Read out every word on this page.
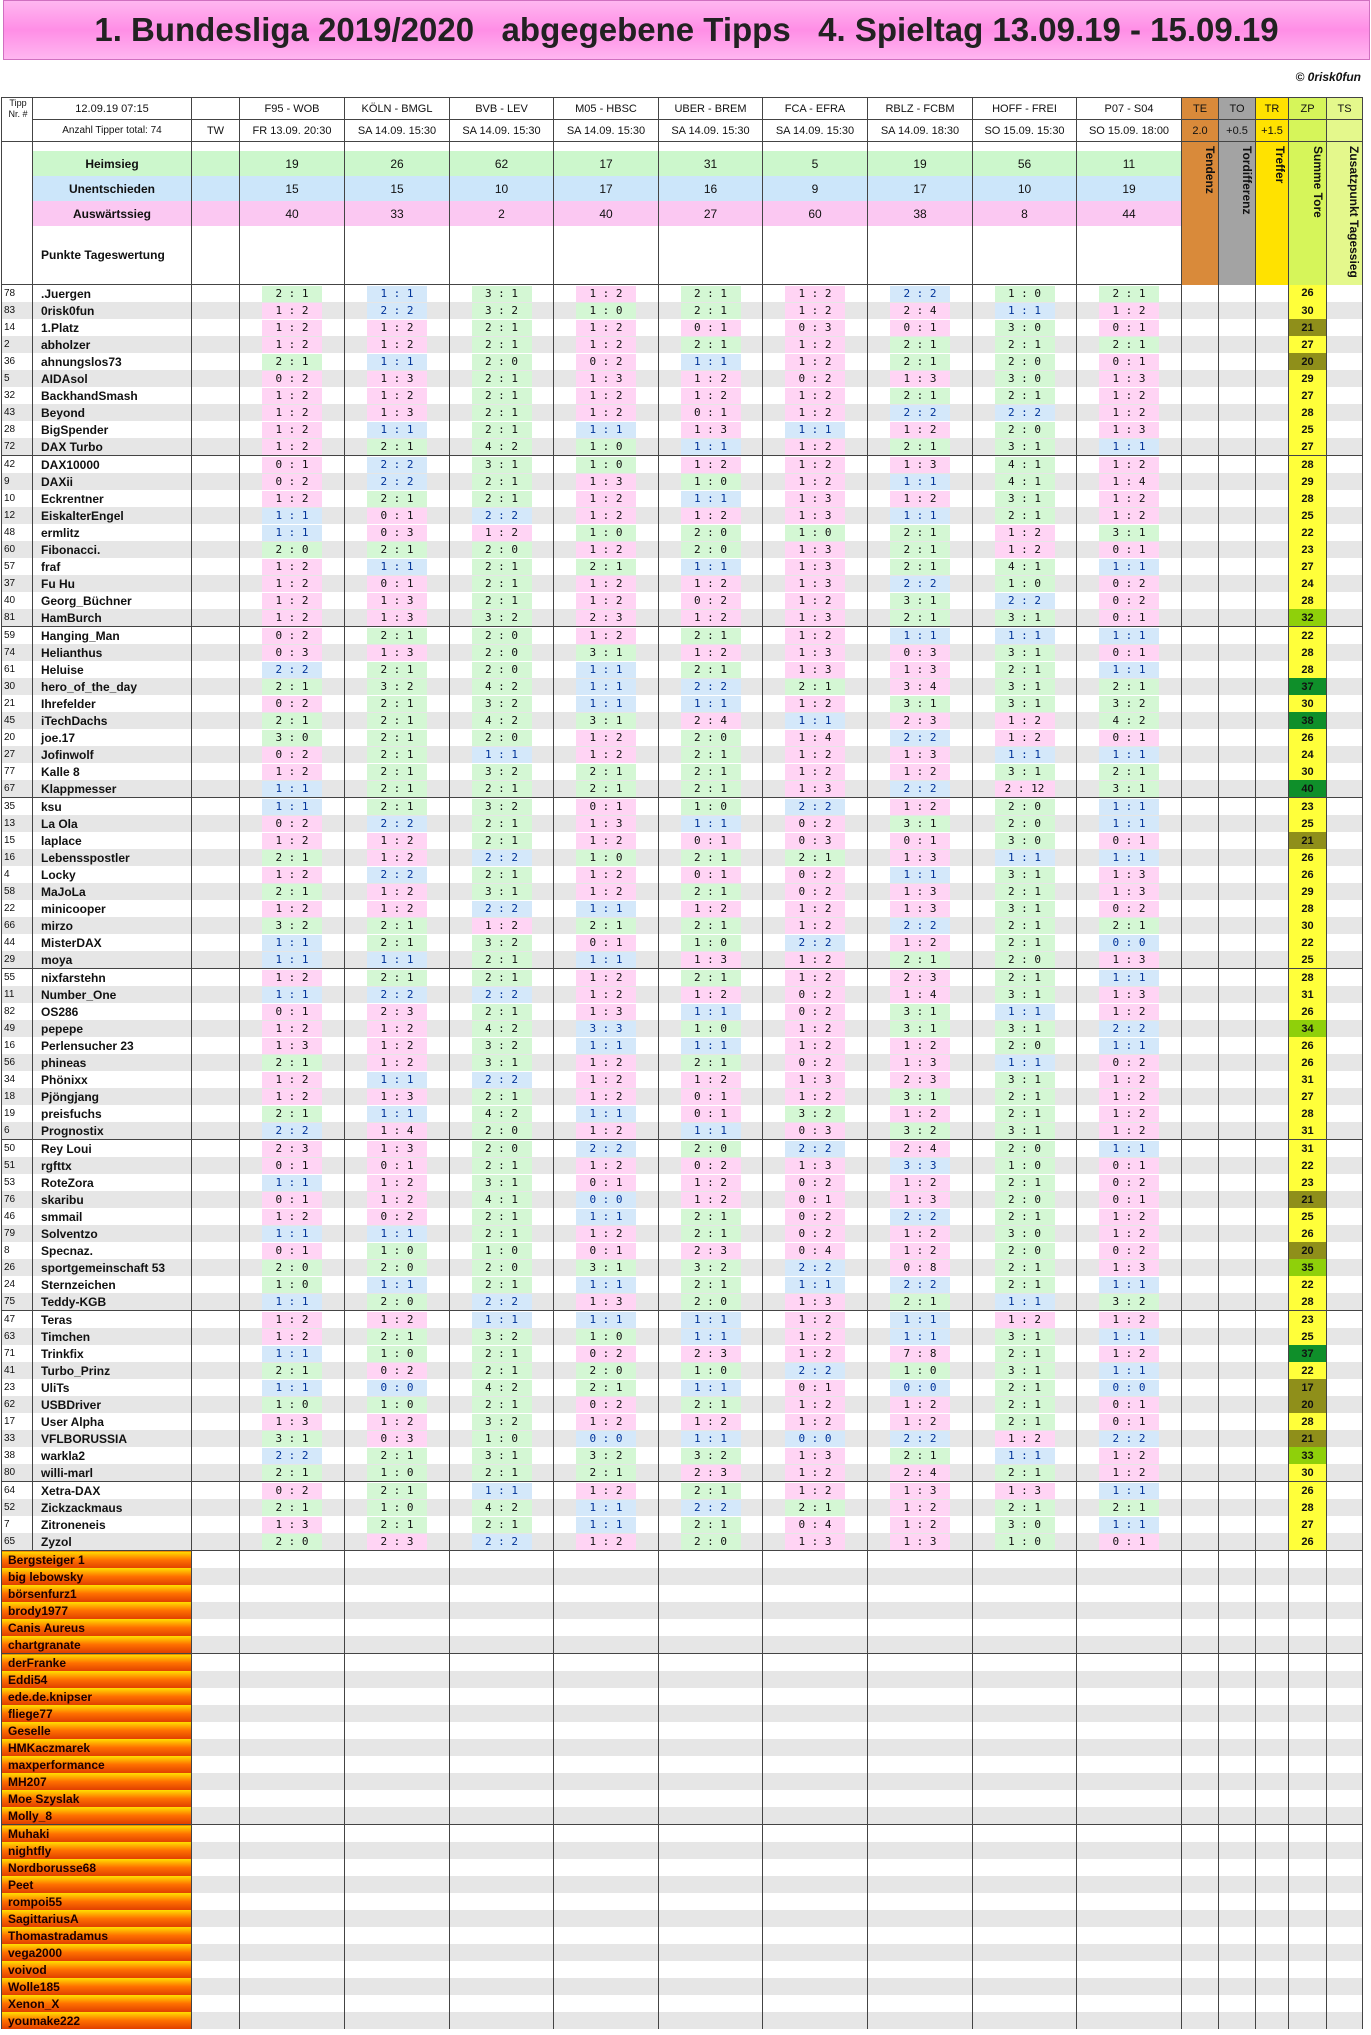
1. Bundesliga 2019/2020   abgegebene Tipps   4. Spieltag 13.09.19 - 15.09.19
© 0risk0fun
Tipp Nr. #	12.09.19 07:15		F95 - WOB	KÖLN - BMGL	BVB - LEV	M05 - HBSC	UBER - BREM	FCA - EFRA	RBLZ - FCBM	HOFF - FREI	P07 - S04	TE	TO	TR	ZP	TS
	Anzahl Tipper total: 74	TW	FR 13.09. 20:30	SA 14.09. 15:30	SA 14.09. 15:30	SA 14.09. 15:30	SA 14.09. 15:30	SA 14.09. 15:30	SA 14.09. 18:30	SO 15.09. 15:30	SO 15.09. 18:00	2.0	+0.5	+1.5		
												Tendenz	Tordifferenz	Treffer	Summe Tore	Zusatzpunkt Tagessieg
	Heimsieg		19	26	62	17	31	5	19	56	11					
	Unentschieden		15	15	10	17	16	9	17	10	19					
	Auswärtssieg		40	33	2	40	27	60	38	8	44					
	Punkte Tageswertung															
78	.Juergen		2 : 1	1 : 1	3 : 1	1 : 2	2 : 1	1 : 2	2 : 2	1 : 0	2 : 1				26	
83	0risk0fun		1 : 2	2 : 2	3 : 2	1 : 0	2 : 1	1 : 2	2 : 4	1 : 1	1 : 2				30	
14	1.Platz		1 : 2	1 : 2	2 : 1	1 : 2	0 : 1	0 : 3	0 : 1	3 : 0	0 : 1				21	
2	abholzer		1 : 2	1 : 2	2 : 1	1 : 2	2 : 1	1 : 2	2 : 1	2 : 1	2 : 1				27	
36	ahnungslos73		2 : 1	1 : 1	2 : 0	0 : 2	1 : 1	1 : 2	2 : 1	2 : 0	0 : 1				20	
5	AIDAsol		0 : 2	1 : 3	2 : 1	1 : 3	1 : 2	0 : 2	1 : 3	3 : 0	1 : 3				29	
32	BackhandSmash		1 : 2	1 : 2	2 : 1	1 : 2	1 : 2	1 : 2	2 : 1	2 : 1	1 : 2				27	
43	Beyond		1 : 2	1 : 3	2 : 1	1 : 2	0 : 1	1 : 2	2 : 2	2 : 2	1 : 2				28	
28	BigSpender		1 : 2	1 : 1	2 : 1	1 : 1	1 : 3	1 : 1	1 : 2	2 : 0	1 : 3				25	
72	DAX Turbo		1 : 2	2 : 1	4 : 2	1 : 0	1 : 1	1 : 2	2 : 1	3 : 1	1 : 1				27	
42	DAX10000		0 : 1	2 : 2	3 : 1	1 : 0	1 : 2	1 : 2	1 : 3	4 : 1	1 : 2				28	
9	DAXii		0 : 2	2 : 2	2 : 1	1 : 3	1 : 0	1 : 2	1 : 1	4 : 1	1 : 4				29	
10	Eckrentner		1 : 2	2 : 1	2 : 1	1 : 2	1 : 1	1 : 3	1 : 2	3 : 1	1 : 2				28	
12	EiskalterEngel		1 : 1	0 : 1	2 : 2	1 : 2	1 : 2	1 : 3	1 : 1	2 : 1	1 : 2				25	
48	ermlitz		1 : 1	0 : 3	1 : 2	1 : 0	2 : 0	1 : 0	2 : 1	1 : 2	3 : 1				22	
60	Fibonacci.		2 : 0	2 : 1	2 : 0	1 : 2	2 : 0	1 : 3	2 : 1	1 : 2	0 : 1				23	
57	fraf		1 : 2	1 : 1	2 : 1	2 : 1	1 : 1	1 : 3	2 : 1	4 : 1	1 : 1				27	
37	Fu Hu		1 : 2	0 : 1	2 : 1	1 : 2	1 : 2	1 : 3	2 : 2	1 : 0	0 : 2				24	
40	Georg_Büchner		1 : 2	1 : 3	2 : 1	1 : 2	0 : 2	1 : 2	3 : 1	2 : 2	0 : 2				28	
81	HamBurch		1 : 2	1 : 3	3 : 2	2 : 3	1 : 2	1 : 3	2 : 1	3 : 1	0 : 1				32	
59	Hanging_Man		0 : 2	2 : 1	2 : 0	1 : 2	2 : 1	1 : 2	1 : 1	1 : 1	1 : 1				22	
74	Helianthus		0 : 3	1 : 3	2 : 0	3 : 1	1 : 2	1 : 3	0 : 3	3 : 1	0 : 1				28	
61	Heluise		2 : 2	2 : 1	2 : 0	1 : 1	2 : 1	1 : 3	1 : 3	2 : 1	1 : 1				28	
30	hero_of_the_day		2 : 1	3 : 2	4 : 2	1 : 1	2 : 2	2 : 1	3 : 4	3 : 1	2 : 1				37	
21	Ihrefelder		0 : 2	2 : 1	3 : 2	1 : 1	1 : 1	1 : 2	3 : 1	3 : 1	3 : 2				30	
45	iTechDachs		2 : 1	2 : 1	4 : 2	3 : 1	2 : 4	1 : 1	2 : 3	1 : 2	4 : 2				38	
20	joe.17		3 : 0	2 : 1	2 : 0	1 : 2	2 : 0	1 : 4	2 : 2	1 : 2	0 : 1				26	
27	Jofinwolf		0 : 2	2 : 1	1 : 1	1 : 2	2 : 1	1 : 2	1 : 3	1 : 1	1 : 1				24	
77	Kalle 8		1 : 2	2 : 1	3 : 2	2 : 1	2 : 1	1 : 2	1 : 2	3 : 1	2 : 1				30	
67	Klappmesser		1 : 1	2 : 1	2 : 1	2 : 1	2 : 1	1 : 3	2 : 2	2 : 12	3 : 1				40	
35	ksu		1 : 1	2 : 1	3 : 2	0 : 1	1 : 0	2 : 2	1 : 2	2 : 0	1 : 1				23	
13	La Ola		0 : 2	2 : 2	2 : 1	1 : 3	1 : 1	0 : 2	3 : 1	2 : 0	1 : 1				25	
15	laplace		1 : 2	1 : 2	2 : 1	1 : 2	0 : 1	0 : 3	0 : 1	3 : 0	0 : 1				21	
16	Lebensspostler		2 : 1	1 : 2	2 : 2	1 : 0	2 : 1	2 : 1	1 : 3	1 : 1	1 : 1				26	
4	Locky		1 : 2	2 : 2	2 : 1	1 : 2	0 : 1	0 : 2	1 : 1	3 : 1	1 : 3				26	
58	MaJoLa		2 : 1	1 : 2	3 : 1	1 : 2	2 : 1	0 : 2	1 : 3	2 : 1	1 : 3				29	
22	minicooper		1 : 2	1 : 2	2 : 2	1 : 1	1 : 2	1 : 2	1 : 3	3 : 1	0 : 2				28	
66	mirzo		3 : 2	2 : 1	1 : 2	2 : 1	2 : 1	1 : 2	2 : 2	2 : 1	2 : 1				30	
44	MisterDAX		1 : 1	2 : 1	3 : 2	0 : 1	1 : 0	2 : 2	1 : 2	2 : 1	0 : 0				22	
29	moya		1 : 1	1 : 1	2 : 1	1 : 1	1 : 3	1 : 2	2 : 1	2 : 0	1 : 3				25	
55	nixfarstehn		1 : 2	2 : 1	2 : 1	1 : 2	2 : 1	1 : 2	2 : 3	2 : 1	1 : 1				28	
11	Number_One		1 : 1	2 : 2	2 : 2	1 : 2	1 : 2	0 : 2	1 : 4	3 : 1	1 : 3				31	
82	OS286		0 : 1	2 : 3	2 : 1	1 : 3	1 : 1	0 : 2	3 : 1	1 : 1	1 : 2				26	
49	pepepe		1 : 2	1 : 2	4 : 2	3 : 3	1 : 0	1 : 2	3 : 1	3 : 1	2 : 2				34	
16	Perlensucher 23		1 : 3	1 : 2	3 : 2	1 : 1	1 : 1	1 : 2	1 : 2	2 : 0	1 : 1				26	
56	phineas		2 : 1	1 : 2	3 : 1	1 : 2	2 : 1	0 : 2	1 : 3	1 : 1	0 : 2				26	
34	Phönixx		1 : 2	1 : 1	2 : 2	1 : 2	1 : 2	1 : 3	2 : 3	3 : 1	1 : 2				31	
18	Pjöngjang		1 : 2	1 : 3	2 : 1	1 : 2	0 : 1	1 : 2	3 : 1	2 : 1	1 : 2				27	
19	preisfuchs		2 : 1	1 : 1	4 : 2	1 : 1	0 : 1	3 : 2	1 : 2	2 : 1	1 : 2				28	
6	Prognostix		2 : 2	1 : 4	2 : 0	1 : 2	1 : 1	0 : 3	3 : 2	3 : 1	1 : 2				31	
50	Rey Loui		2 : 3	1 : 3	2 : 0	2 : 2	2 : 0	2 : 2	2 : 4	2 : 0	1 : 1				31	
51	rgfttx		0 : 1	0 : 1	2 : 1	1 : 2	0 : 2	1 : 3	3 : 3	1 : 0	0 : 1				22	
53	RoteZora		1 : 1	1 : 2	3 : 1	0 : 1	1 : 2	0 : 2	1 : 2	2 : 1	0 : 2				23	
76	skaribu		0 : 1	1 : 2	4 : 1	0 : 0	1 : 2	0 : 1	1 : 3	2 : 0	0 : 1				21	
46	smmail		1 : 2	0 : 2	2 : 1	1 : 1	2 : 1	0 : 2	2 : 2	2 : 1	1 : 2				25	
79	Solventzo		1 : 1	1 : 1	2 : 1	1 : 2	2 : 1	0 : 2	1 : 2	3 : 0	1 : 2				26	
8	Specnaz.		0 : 1	1 : 0	1 : 0	0 : 1	2 : 3	0 : 4	1 : 2	2 : 0	0 : 2				20	
26	sportgemeinschaft 53		2 : 0	2 : 0	2 : 0	3 : 1	3 : 2	2 : 2	0 : 8	2 : 1	1 : 3				35	
24	Sternzeichen		1 : 0	1 : 1	2 : 1	1 : 1	2 : 1	1 : 1	2 : 2	2 : 1	1 : 1				22	
75	Teddy-KGB		1 : 1	2 : 0	2 : 2	1 : 3	2 : 0	1 : 3	2 : 1	1 : 1	3 : 2				28	
47	Teras		1 : 2	1 : 2	1 : 1	1 : 1	1 : 1	1 : 2	1 : 1	1 : 2	1 : 2				23	
63	Timchen		1 : 2	2 : 1	3 : 2	1 : 0	1 : 1	1 : 2	1 : 1	3 : 1	1 : 1				25	
71	Trinkfix		1 : 1	1 : 0	2 : 1	0 : 2	2 : 3	1 : 2	7 : 8	2 : 1	1 : 2				37	
41	Turbo_Prinz		2 : 1	0 : 2	2 : 1	2 : 0	1 : 0	2 : 2	1 : 0	3 : 1	1 : 1				22	
23	UliTs		1 : 1	0 : 0	4 : 2	2 : 1	1 : 1	0 : 1	0 : 0	2 : 1	0 : 0				17	
62	USBDriver		1 : 0	1 : 0	2 : 1	0 : 2	2 : 1	1 : 2	1 : 2	2 : 1	0 : 1				20	
17	User Alpha		1 : 3	1 : 2	3 : 2	1 : 2	1 : 2	1 : 2	1 : 2	2 : 1	0 : 1				28	
33	VFLBORUSSIA		3 : 1	0 : 3	1 : 0	0 : 0	1 : 1	0 : 0	2 : 2	1 : 2	2 : 2				21	
38	warkla2		2 : 2	2 : 1	3 : 1	3 : 2	3 : 2	1 : 3	2 : 1	1 : 1	1 : 2				33	
80	willi-marl		2 : 1	1 : 0	2 : 1	2 : 1	2 : 3	1 : 2	2 : 4	2 : 1	1 : 2				30	
64	Xetra-DAX		0 : 2	2 : 1	1 : 1	1 : 2	2 : 1	1 : 2	1 : 3	1 : 3	1 : 1				26	
52	Zickzackmaus		2 : 1	1 : 0	4 : 2	1 : 1	2 : 2	2 : 1	1 : 2	2 : 1	2 : 1				28	
7	Zitroneneis		1 : 3	2 : 1	2 : 1	1 : 1	2 : 1	0 : 4	1 : 2	3 : 0	1 : 1				27	
65	Zyzol		2 : 0	2 : 3	2 : 2	1 : 2	2 : 0	1 : 3	1 : 3	1 : 0	0 : 1				26	
Bergsteiger 1																
big lebowsky																
börsenfurz1																
brody1977																
Canis Aureus																
chartgranate																
derFranke																
Eddi54																
ede.de.knipser																
fliege77																
Geselle																
HMKaczmarek																
maxperformance																
MH207																
Moe Szyslak																
Molly_8																
Muhaki																
nightfly																
Nordborusse68																
Peet																
rompoi55																
SagittariusA																
Thomastradamus																
vega2000																
voivod																
Wolle185																
Xenon_X																
youmake222																
